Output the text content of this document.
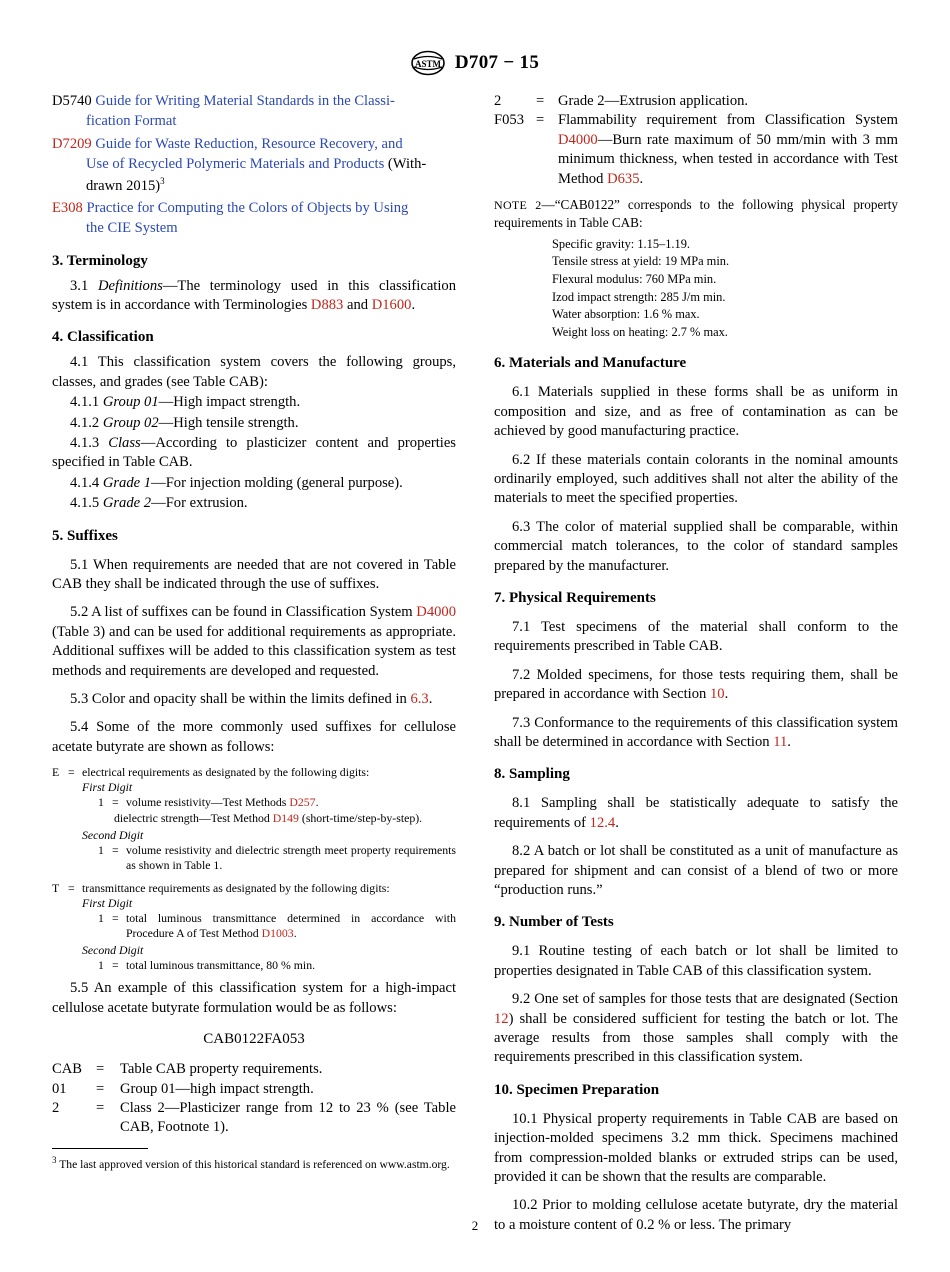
ASTM D707 − 15

D5740 Guide for Writing Material Standards in the Classi-

fication Format

D7209 Guide for Waste Reduction, Resource Recovery, and

Use of Recycled Polymeric Materials and Products (With-

drawn 2015)$^3$

E308 Practice for Computing the Colors of Objects by Using

the CIE System

3. Terminology

3.1 Definitions—The terminology used in this classification system is in accordance with Terminologies D883 and D1600.

4. Classification

4.1 This classification system covers the following groups, classes, and grades (see Table CAB):

4.1.1 Group 01—High impact strength.

4.1.2 Group 02—High tensile strength.

4.1.3 Class—According to plasticizer content and properties specified in Table CAB.

4.1.4 Grade 1—For injection molding (general purpose).

4.1.5 Grade 2—For extrusion.

5. Suffixes

5.1 When requirements are needed that are not covered in Table CAB they shall be indicated through the use of suffixes.

5.2 A list of suffixes can be found in Classification System D4000 (Table 3) and can be used for additional requirements as appropriate. Additional suffixes will be added to this classification system as test methods and requirements are developed and requested.

5.3 Color and opacity shall be within the limits defined in 6.3.

5.4 Some of the more commonly used suffixes for cellulose acetate butyrate are shown as follows:

E = electrical requirements as designated by the following digits:
First Digit
1 = volume resistivity—Test Methods D257.
dielectric strength—Test Method D149 (short-time/step-by-step).
Second Digit
1 = volume resistivity and dielectric strength meet property requirements as shown in Table 1.
T = transmittance requirements as designated by the following digits:
First Digit
1 = total luminous transmittance determined in accordance with Procedure A of Test Method D1003.
Second Digit
1 = total luminous transmittance, 80 % min.

5.5 An example of this classification system for a high-impact cellulose acetate butyrate formulation would be as follows:

CAB0122FA053

CAB =	Table CAB property requirements.
01	=	Group 01—high impact strength.
2	=	Class 2—Plasticizer range from 12 to 23 % (see Table CAB, Footnote 1).
2	= Grade 2—Extrusion application.
F053 = Flammability requirement from Classification System D4000—Burn rate maximum of 50 mm/min with 3 mm minimum thickness, when tested in accordance with Test Method D635.

NOTE 2—“CAB0122” corresponds to the following physical property requirements in Table CAB:

Specific gravity: 1.15–1.19.
Tensile stress at yield: 19 MPa min.
Flexural modulus: 760 MPa min.
Izod impact strength: 285 J/m min.
Water absorption: 1.6 % max.
Weight loss on heating: 2.7 % max.

6. Materials and Manufacture

6.1 Materials supplied in these forms shall be as uniform in composition and size, and as free of contamination as can be achieved by good manufacturing practice.

6.2 If these materials contain colorants in the nominal amounts ordinarily employed, such additives shall not alter the ability of the materials to meet the specified properties.

6.3 The color of material supplied shall be comparable, within commercial match tolerances, to the color of standard samples prepared by the manufacturer.

7. Physical Requirements

7.1 Test specimens of the material shall conform to the requirements prescribed in Table CAB.

7.2 Molded specimens, for those tests requiring them, shall be prepared in accordance with Section 10.

7.3 Conformance to the requirements of this classification system shall be determined in accordance with Section 11.

8. Sampling

8.1 Sampling shall be statistically adequate to satisfy the requirements of 12.4.

8.2 A batch or lot shall be constituted as a unit of manufacture as prepared for shipment and can consist of a blend of two or more “production runs.”

9. Number of Tests

9.1 Routine testing of each batch or lot shall be limited to properties designated in Table CAB of this classification system.

9.2 One set of samples for those tests that are designated (Section 12) shall be considered sufficient for testing the batch or lot. The average results from those samples shall comply with the requirements prescribed in this classification system.

10. Specimen Preparation

10.1 Physical property requirements in Table CAB are based on injection-molded specimens 3.2 mm thick. Specimens machined from compression-molded blanks or extruded strips can be used, provided it can be shown that the results are comparable.

10.2 Prior to molding cellulose acetate butyrate, dry the material to a moisture content of 0.2 % or less. The primary

$^3$ The last approved version of this historical standard is referenced on www.astm.org.

2
